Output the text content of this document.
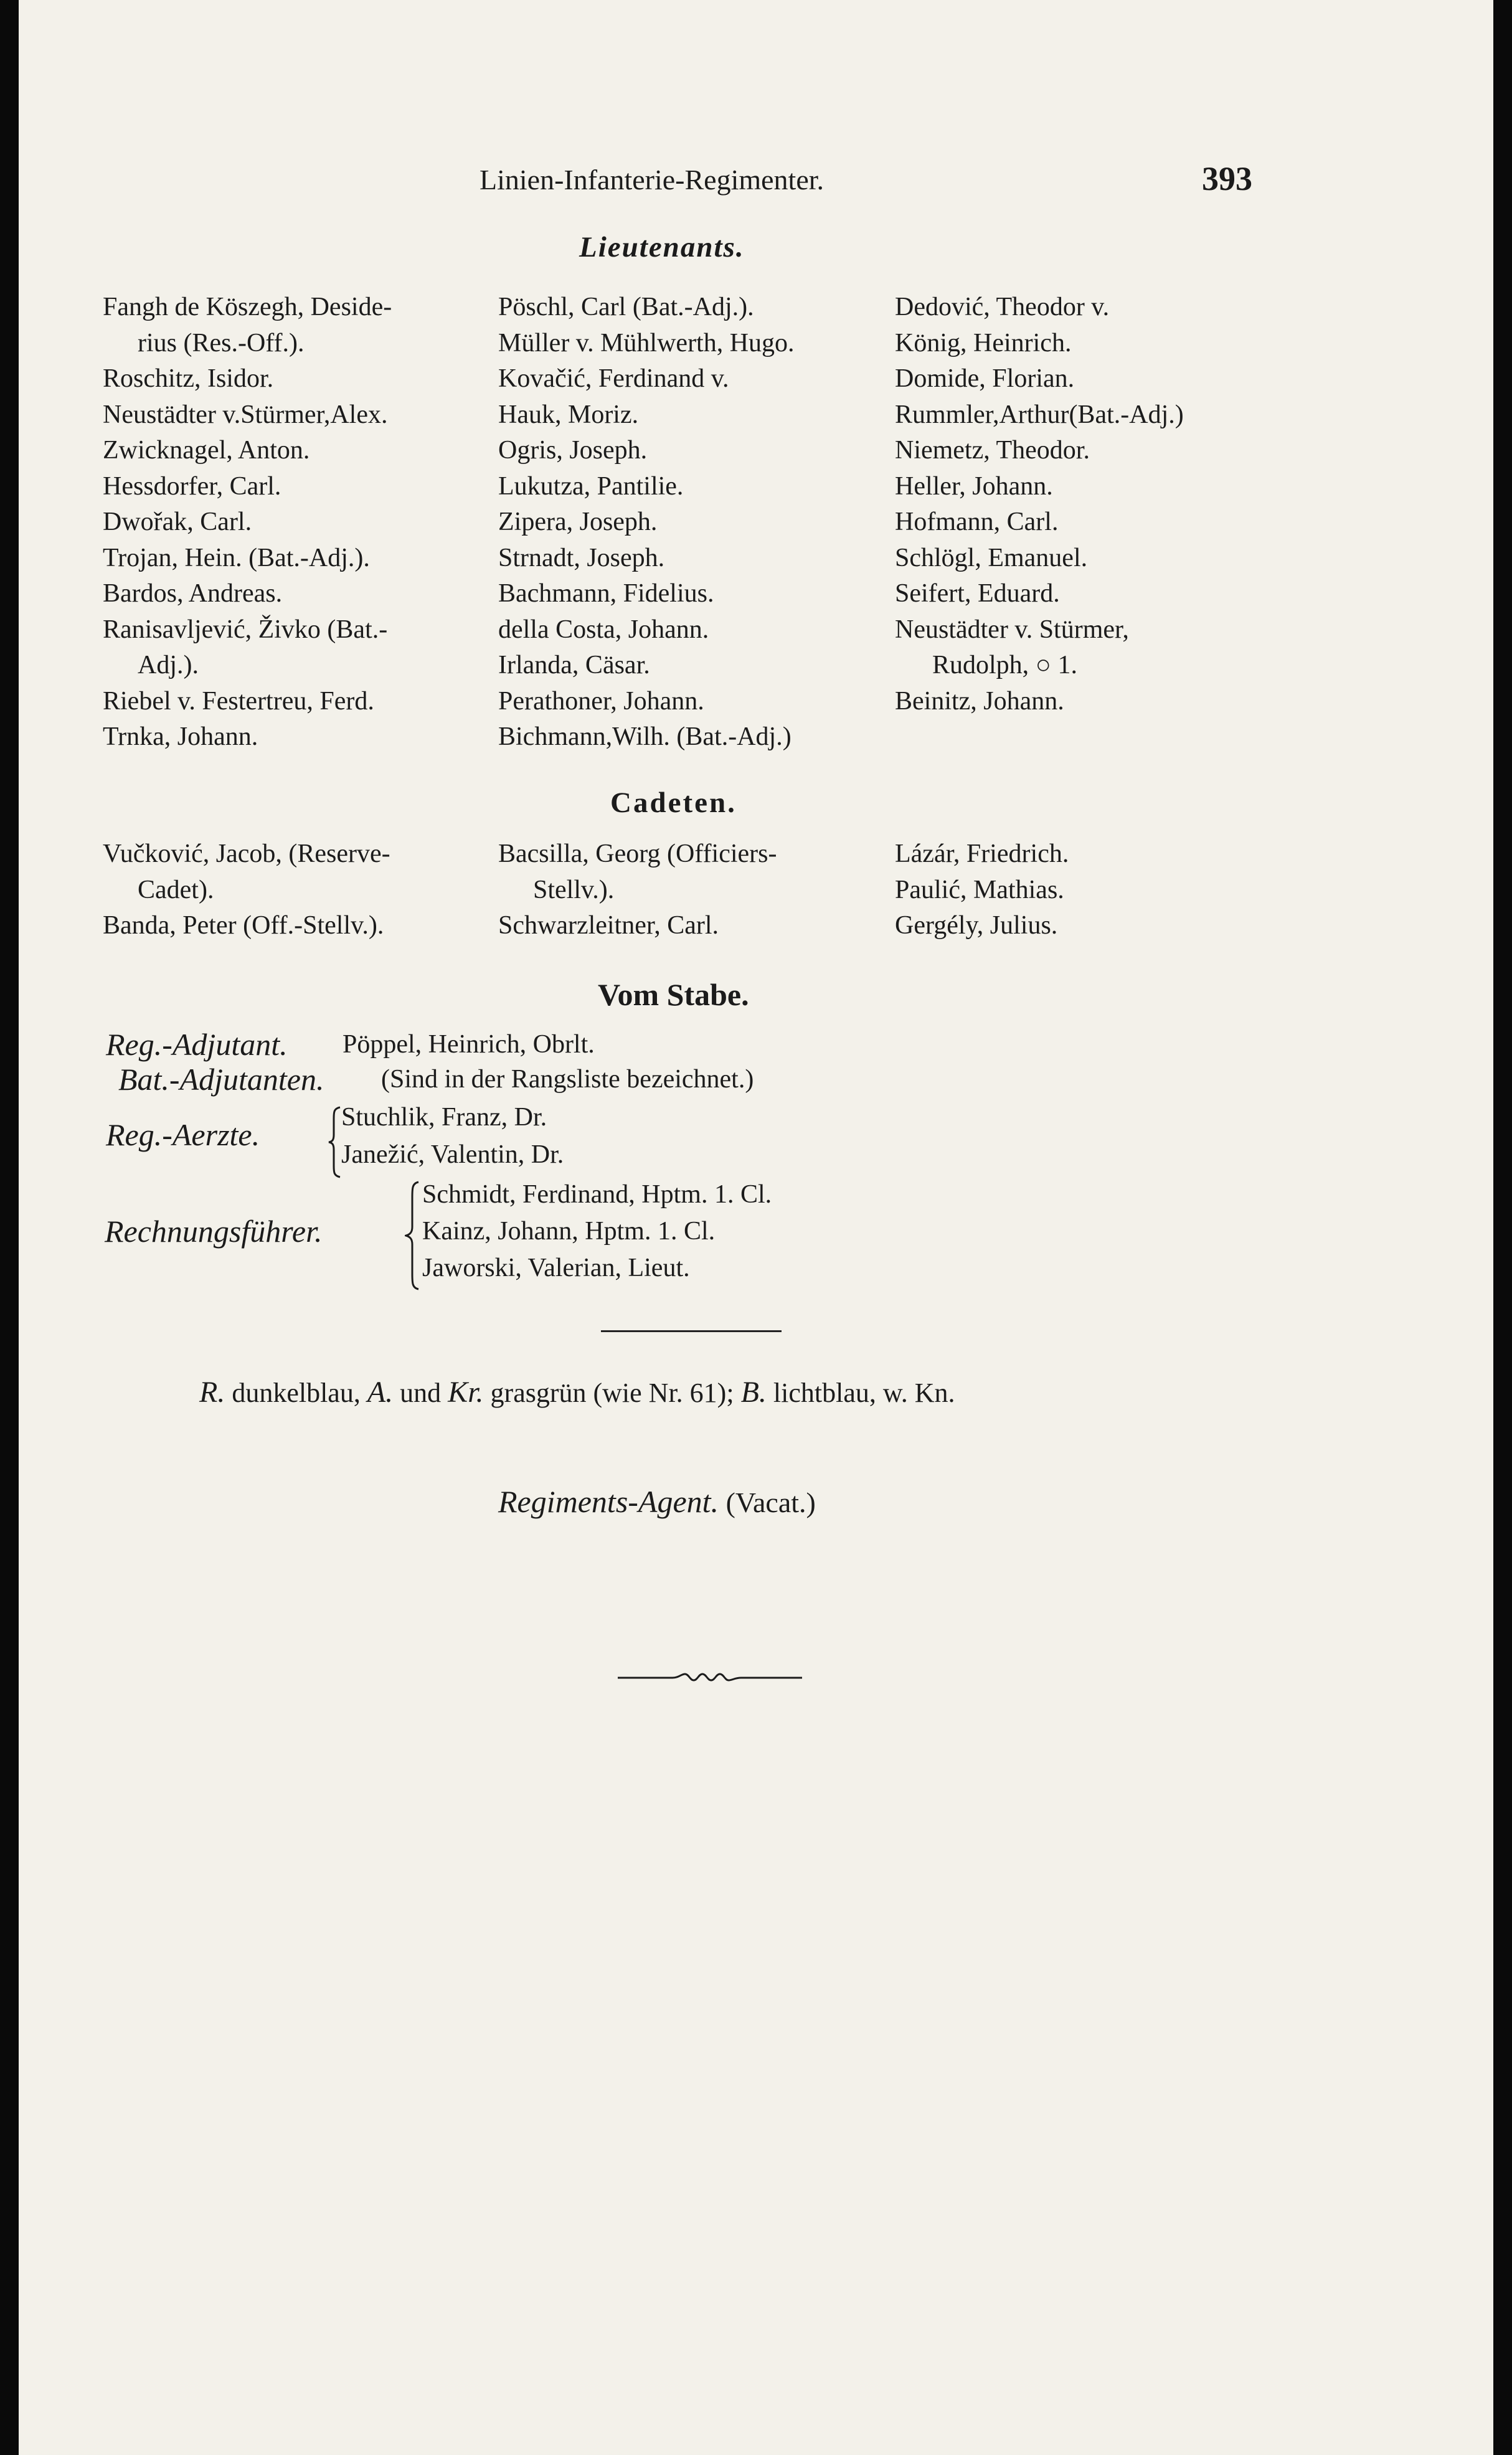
Linien-Infanterie-Regimenter.	393
Lieutenants.
Fangh de Köszegh, Deside-
rius (Res.-Off.).
Roschitz, Isidor.
Neustädter v.Stürmer,Alex.
Zwicknagel, Anton.
Hessdorfer, Carl.
Dwořak, Carl.
Trojan, Hein. (Bat.-Adj.).
Bardos, Andreas.
Ranisavljević, Živko (Bat.-
Adj.).
Riebel v. Festertreu, Ferd.
Trnka, Johann.
Pöschl, Carl (Bat.-Adj.).
Müller v. Mühlwerth, Hugo.
Kovačić, Ferdinand v.
Hauk, Moriz.
Ogris, Joseph.
Lukutza, Pantilie.
Zipera, Joseph.
Strnadt, Joseph.
Bachmann, Fidelius.
della Costa, Johann.
Irlanda, Cäsar.
Perathoner, Johann.
Bichmann,Wilh. (Bat.-Adj.)
Dedović, Theodor v.
König, Heinrich.
Domide, Florian.
Rummler,Arthur(Bat.-Adj.)
Niemetz, Theodor.
Heller, Johann.
Hofmann, Carl.
Schlögl, Emanuel.
Seifert, Eduard.
Neustädter v. Stürmer,
Rudolph, ○ 1.
Beinitz, Johann.
Cadeten.
Vučković, Jacob, (Reserve-
Cadet).
Banda, Peter (Off.-Stellv.).
Bacsilla, Georg (Officiers-
Stellv.).
Schwarzleitner, Carl.
Lázár, Friedrich.
Paulić, Mathias.
Gergély, Julius.
Vom Stabe.
Reg.-Adjutant. Pöppel, Heinrich, Obrlt.
Bat.-Adjutanten. (Sind in der Rangsliste bezeichnet.)
Reg.-Aerzte.	Stuchlik, Franz, Dr.
Janežić, Valentin, Dr.
Rechnungsführer.
Schmidt, Ferdinand, Hptm. 1. Cl.
Kainz, Johann, Hptm. 1. Cl.
Jaworski, Valerian, Lieut.
R. dunkelblau, A. und Kr. grasgrün (wie Nr. 61); B. lichtblau, w. Kn.
Regiments-Agent. (Vacat.)
